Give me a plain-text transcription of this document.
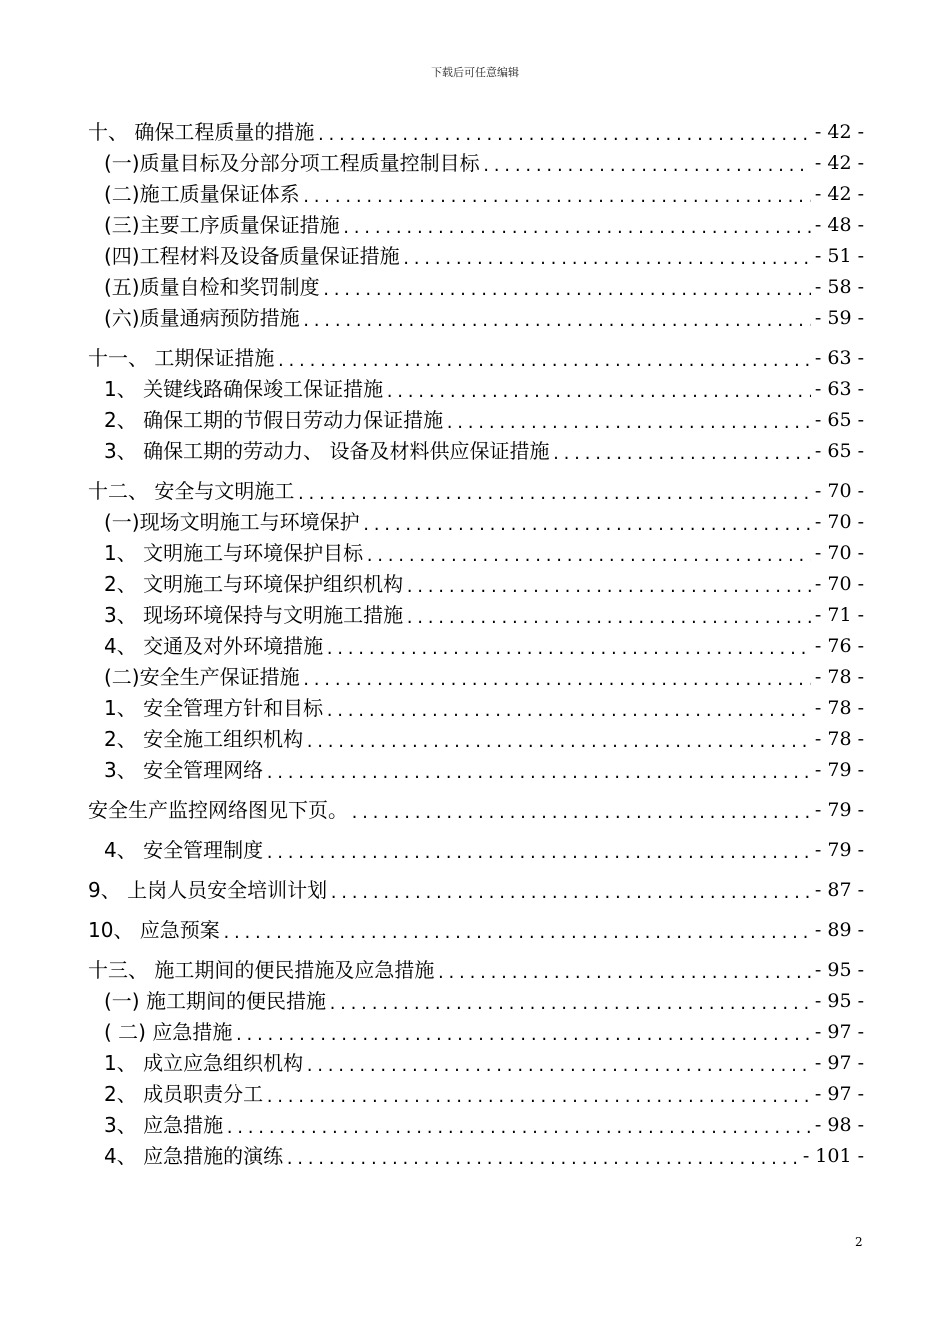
下载后可任意编辑
十、 确保工程质量的措施 .....	- 42 -
(一)质量目标及分部分项工程质量控制目标 .....	- 42 -
(二)施工质量保证体系 .....	- 42 -
(三)主要工序质量保证措施 .....	- 48 -
(四)工程材料及设备质量保证措施 .....	- 51 -
(五)质量自检和奖罚制度 .....	- 58 -
(六)质量通病预防措施 .....	- 59 -
十一、 工期保证措施 .....	- 63 -
1、 关键线路确保竣工保证措施 .....	- 63 -
2、 确保工期的节假日劳动力保证措施 .....	- 65 -
3、 确保工期的劳动力、 设备及材料供应保证措施 .....	- 65 -
十二、 安全与文明施工 .....	- 70 -
(一)现场文明施工与环境保护 .....	- 70 -
1、 文明施工与环境保护目标 .....	- 70 -
2、 文明施工与环境保护组织机构 .....	- 70 -
3、 现场环境保持与文明施工措施 .....	- 71 -
4、 交通及对外环境措施 .....	- 76 -
(二)安全生产保证措施 .....	- 78 -
1、 安全管理方针和目标 .....	- 78 -
2、 安全施工组织机构 .....	- 78 -
3、 安全管理网络 .....	- 79 -
安全生产监控网络图见下页。 .....	- 79 -
4、 安全管理制度 .....	- 79 -
9、 上岗人员安全培训计划 .....	- 87 -
10、 应急预案 .....	- 89 -
十三、 施工期间的便民措施及应急措施 .....	- 95 -
(一) 施工期间的便民措施 .....	- 95 -
( 二) 应急措施 .....	- 97 -
1、 成立应急组织机构 .....	- 97 -
2、 成员职责分工 .....	- 97 -
3、 应急措施 .....	- 98 -
4、 应急措施的演练 .....	- 101 -
2
